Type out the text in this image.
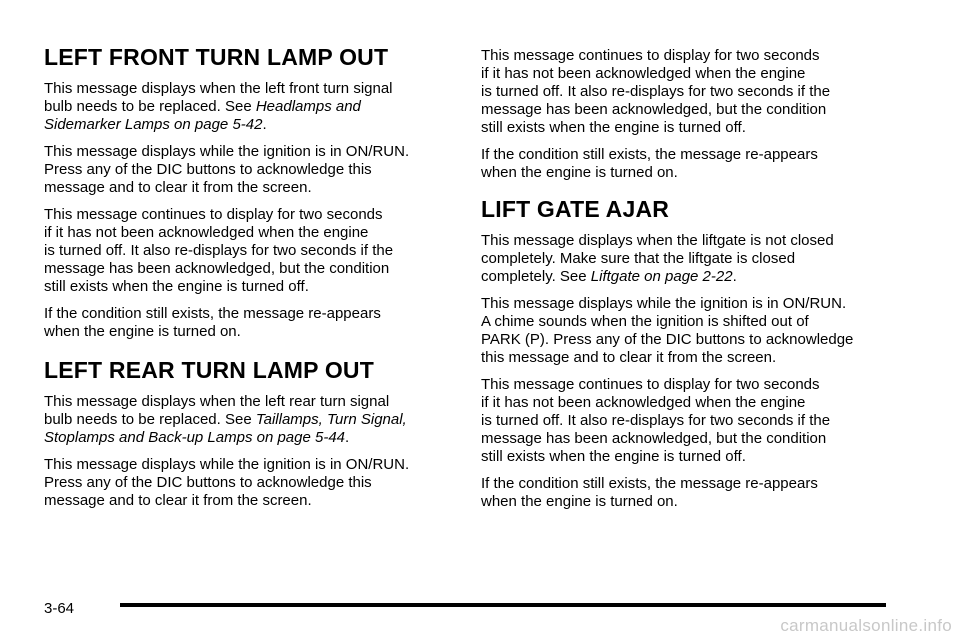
LEFT FRONT TURN LAMP OUT

This message displays when the left front turn signal
bulb needs to be replaced. See Headlamps and
Sidemarker Lamps on page 5-42.

This message displays while the ignition is in ON/RUN.
Press any of the DIC buttons to acknowledge this
message and to clear it from the screen.

This message continues to display for two seconds
if it has not been acknowledged when the engine
is turned off. It also re-displays for two seconds if the
message has been acknowledged, but the condition
still exists when the engine is turned off.

If the condition still exists, the message re-appears
when the engine is turned on.

LEFT REAR TURN LAMP OUT

This message displays when the left rear turn signal
bulb needs to be replaced. See Taillamps, Turn Signal,
Stoplamps and Back-up Lamps on page 5-44.

This message displays while the ignition is in ON/RUN.
Press any of the DIC buttons to acknowledge this
message and to clear it from the screen.

This message continues to display for two seconds
if it has not been acknowledged when the engine
is turned off. It also re-displays for two seconds if the
message has been acknowledged, but the condition
still exists when the engine is turned off.

If the condition still exists, the message re-appears
when the engine is turned on.

LIFT GATE AJAR

This message displays when the liftgate is not closed
completely. Make sure that the liftgate is closed
completely. See Liftgate on page 2-22.

This message displays while the ignition is in ON/RUN.
A chime sounds when the ignition is shifted out of
PARK (P). Press any of the DIC buttons to acknowledge
this message and to clear it from the screen.

This message continues to display for two seconds
if it has not been acknowledged when the engine
is turned off. It also re-displays for two seconds if the
message has been acknowledged, but the condition
still exists when the engine is turned off.

If the condition still exists, the message re-appears
when the engine is turned on.

3-64
carmanualsonline.info
